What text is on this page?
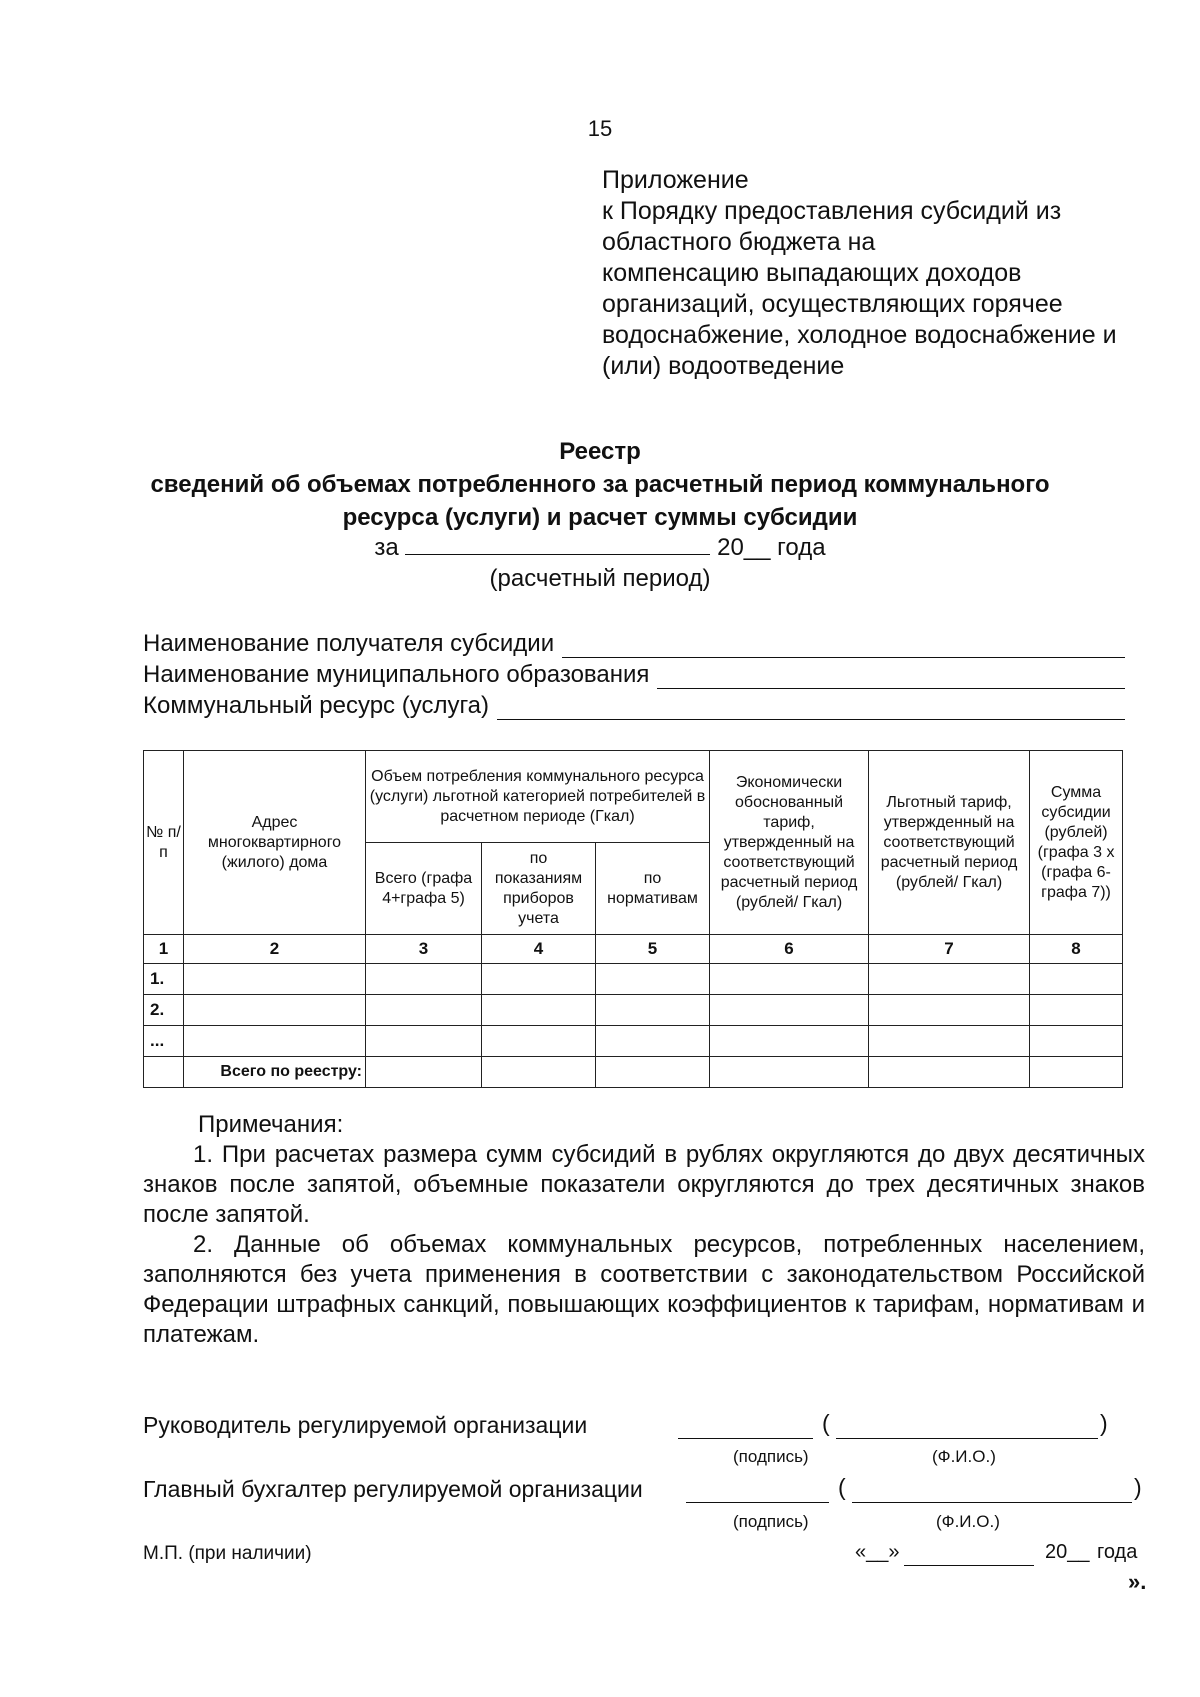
15
Приложение
к Порядку предоставления субсидий из
областного бюджета на
компенсацию выпадающих доходов
организаций, осуществляющих горячее
водоснабжение, холодное водоснабжение и
(или) водоотведение
Реестр
сведений об объемах потребленного за расчетный период коммунального
ресурса (услуги) и расчет суммы субсидии
за	20__ года
(расчетный период)
Наименование получателя субсидии
Наименование муниципального образования
Коммунальный ресурс (услуга)
№ п/п	Адрес многоквартирного (жилого) дома	Объем потребления коммунального ресурса (услуги) льготной категорией потребителей в расчетном периоде (Гкал)			Экономически обоснованный тариф, утвержденный на соответствующий расчетный период (рублей/ Гкал)	Льготный тариф, утвержденный на соответствующий расчетный период (рублей/ Гкал)	Сумма субсидии (рублей) (графа 3 х (графа 6-графа 7))
		Всего (графа 4+графа 5)	по показаниям приборов учета	по нормативам			
1	2	3	4	5	6	7	8
1.							
2.							
...							
	Всего по реестру:						

Примечания:

1. При расчетах размера сумм субсидий в рублях округляются до двух десятичных знаков после запятой, объемные показатели округляются до трех десятичных знаков после запятой.

2. Данные об объемах коммунальных ресурсов, потребленных населением, заполняются без учета применения в соответствии с законодательством Российской Федерации штрафных санкций, повышающих коэффициентов к тарифам, нормативам и платежам.

Руководитель регулируемой организации	(	)
(подпись)	(Ф.И.О.)
Главный бухгалтер регулируемой организации	(	)
(подпись)	(Ф.И.О.)
М.П. (при наличии)	«__»	20__ года
».
